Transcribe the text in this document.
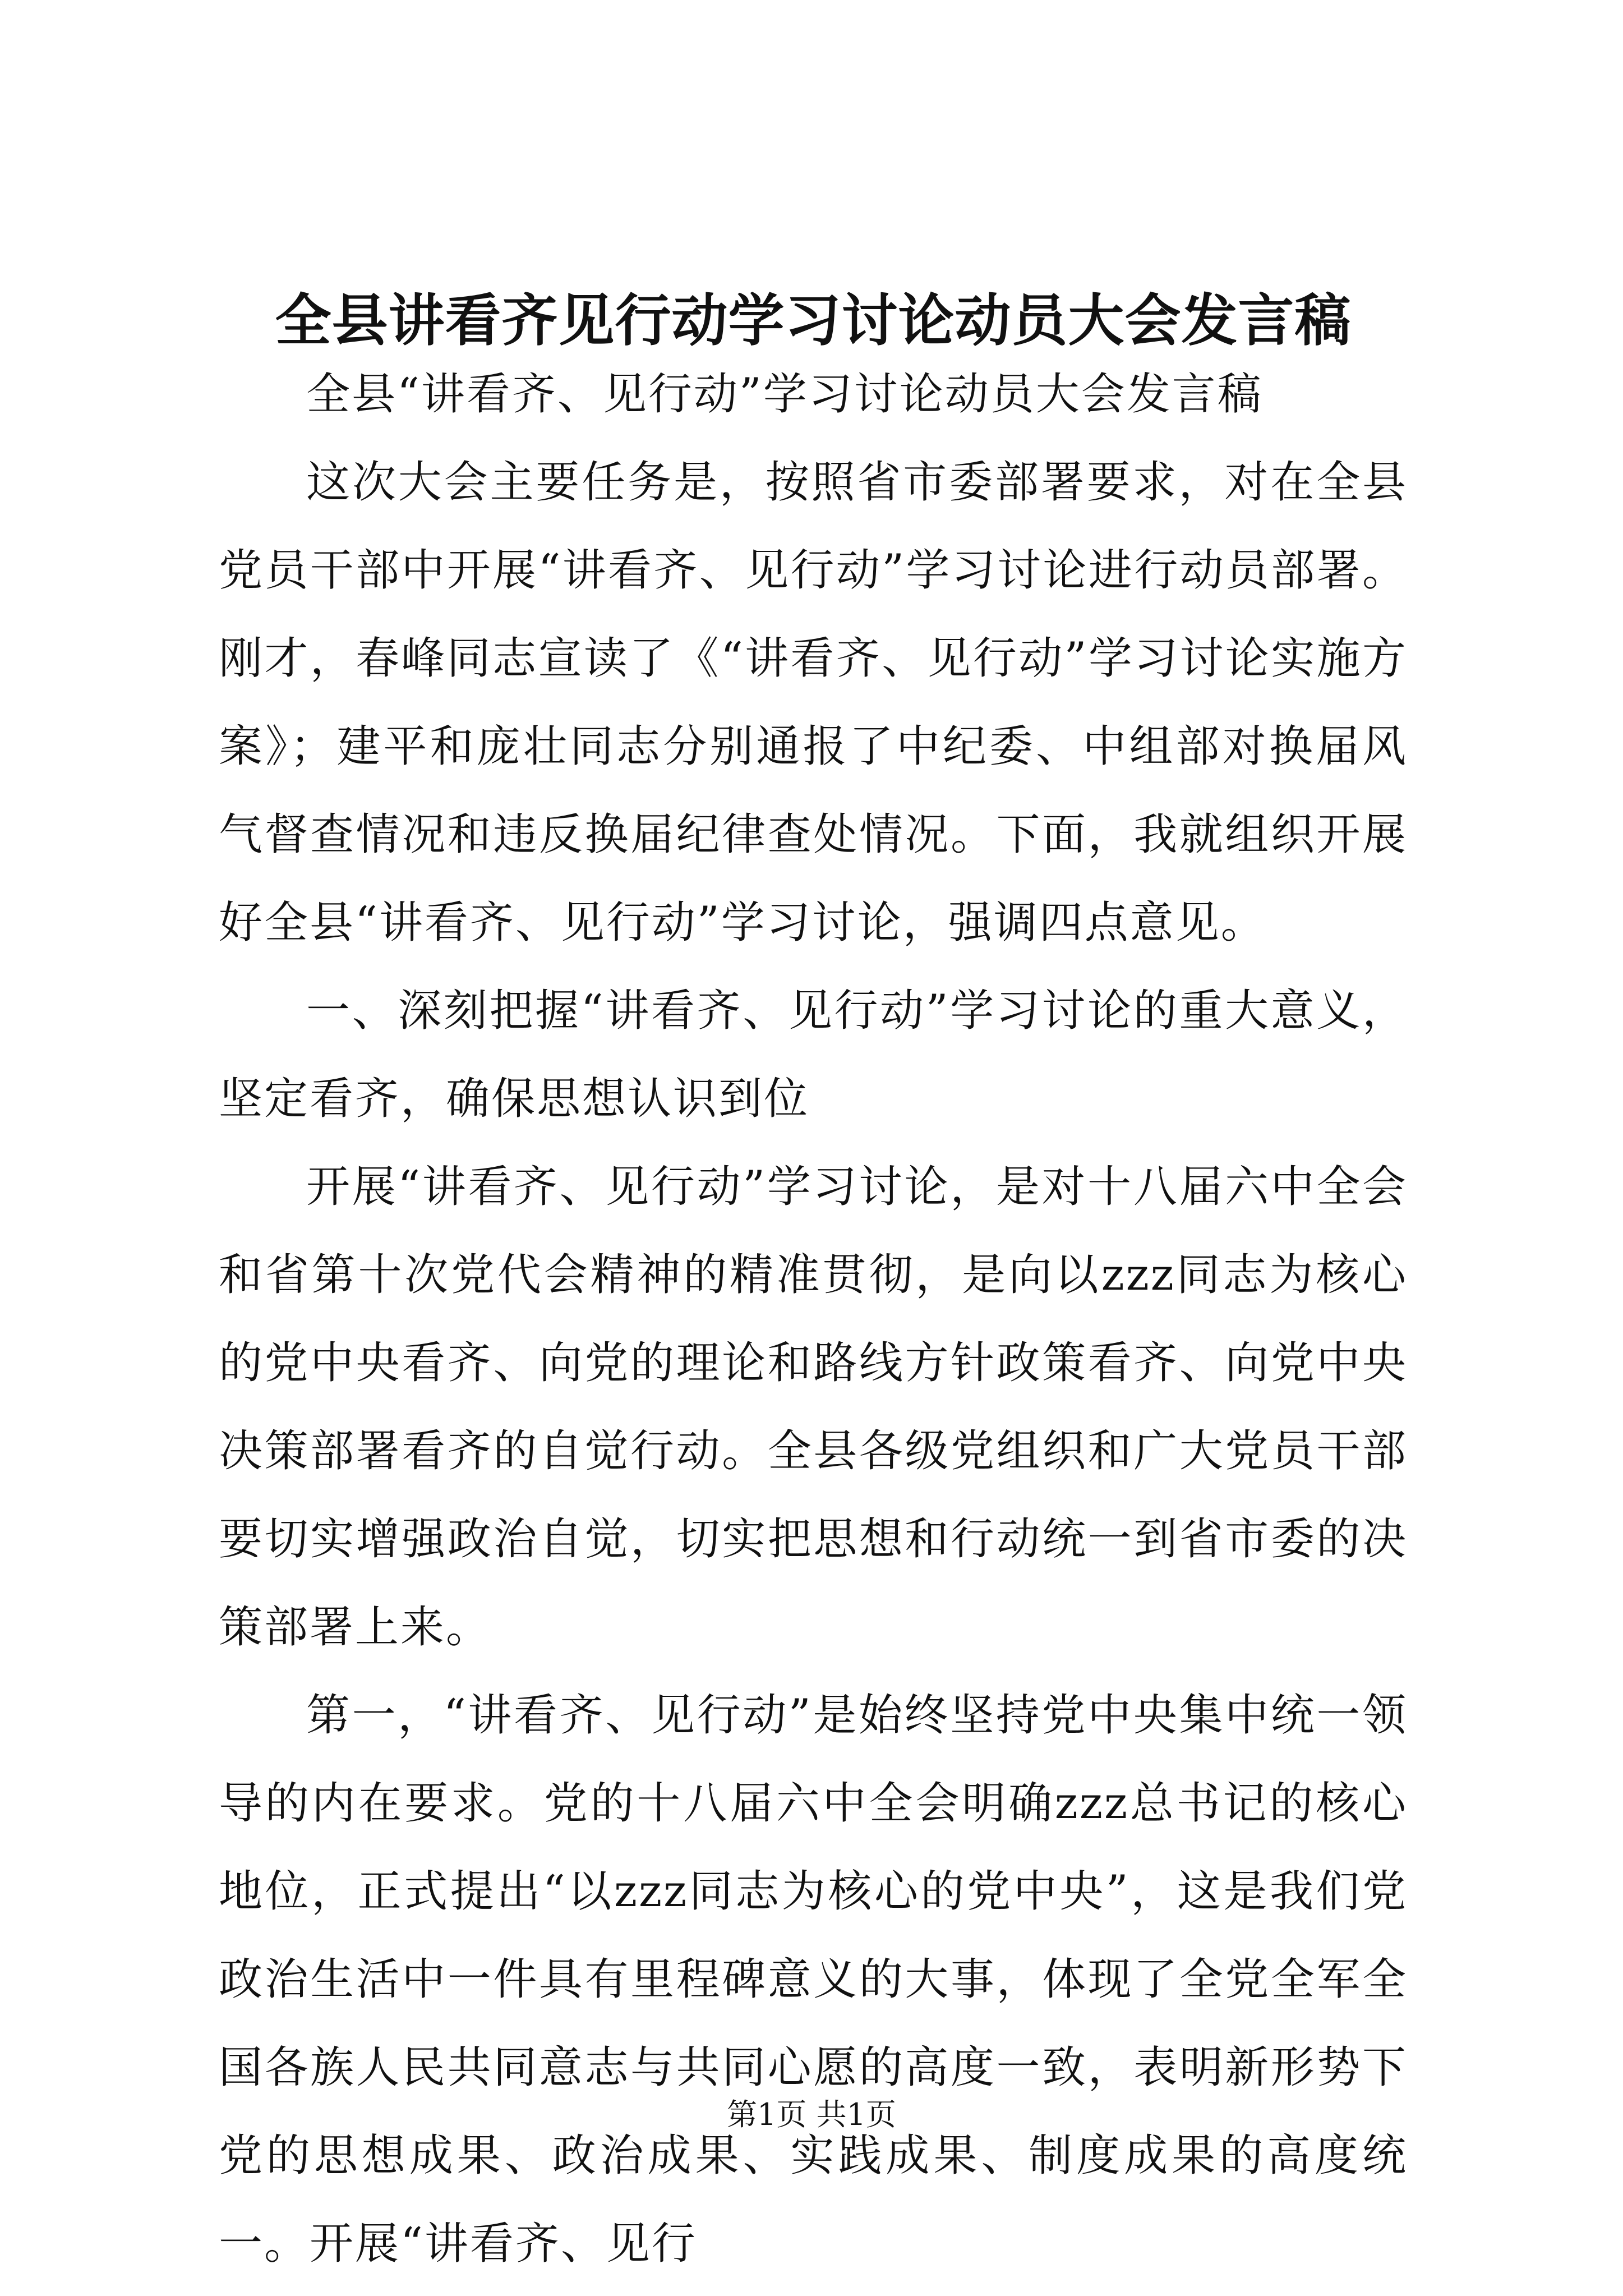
全县讲看齐见行动学习讨论动员大会发言稿

全县“讲看齐、见行动”学习讨论动员大会发言稿

这次大会主要任务是，按照省市委部署要求，对在全县党员干部中开展“讲看齐、见行动”学习讨论进行动员部署。刚才，春峰同志宣读了《“讲看齐、见行动”学习讨论实施方案》；建平和庞壮同志分别通报了中纪委、中组部对换届风气督查情况和违反换届纪律查处情况。下面，我就组织开展好全县“讲看齐、见行动”学习讨论，强调四点意见。

一、深刻把握“讲看齐、见行动”学习讨论的重大意义，坚定看齐，确保思想认识到位

开展“讲看齐、见行动”学习讨论，是对十八届六中全会和省第十次党代会精神的精准贯彻，是向以zzz同志为核心的党中央看齐、向党的理论和路线方针政策看齐、向党中央决策部署看齐的自觉行动。全县各级党组织和广大党员干部要切实增强政治自觉，切实把思想和行动统一到省市委的决策部署上来。

第一，“讲看齐、见行动”是始终坚持党中央集中统一领导的内在要求。党的十八届六中全会明确zzz总书记的核心地位，正式提出“以zzz同志为核心的党中央”，这是我们党政治生活中一件具有里程碑意义的大事，体现了全党全军全国各族人民共同意志与共同心愿的高度一致，表明新形势下党的思想成果、政治成果、实践成果、制度成果的高度统一。开展“讲看齐、见行

第1页 共1页
